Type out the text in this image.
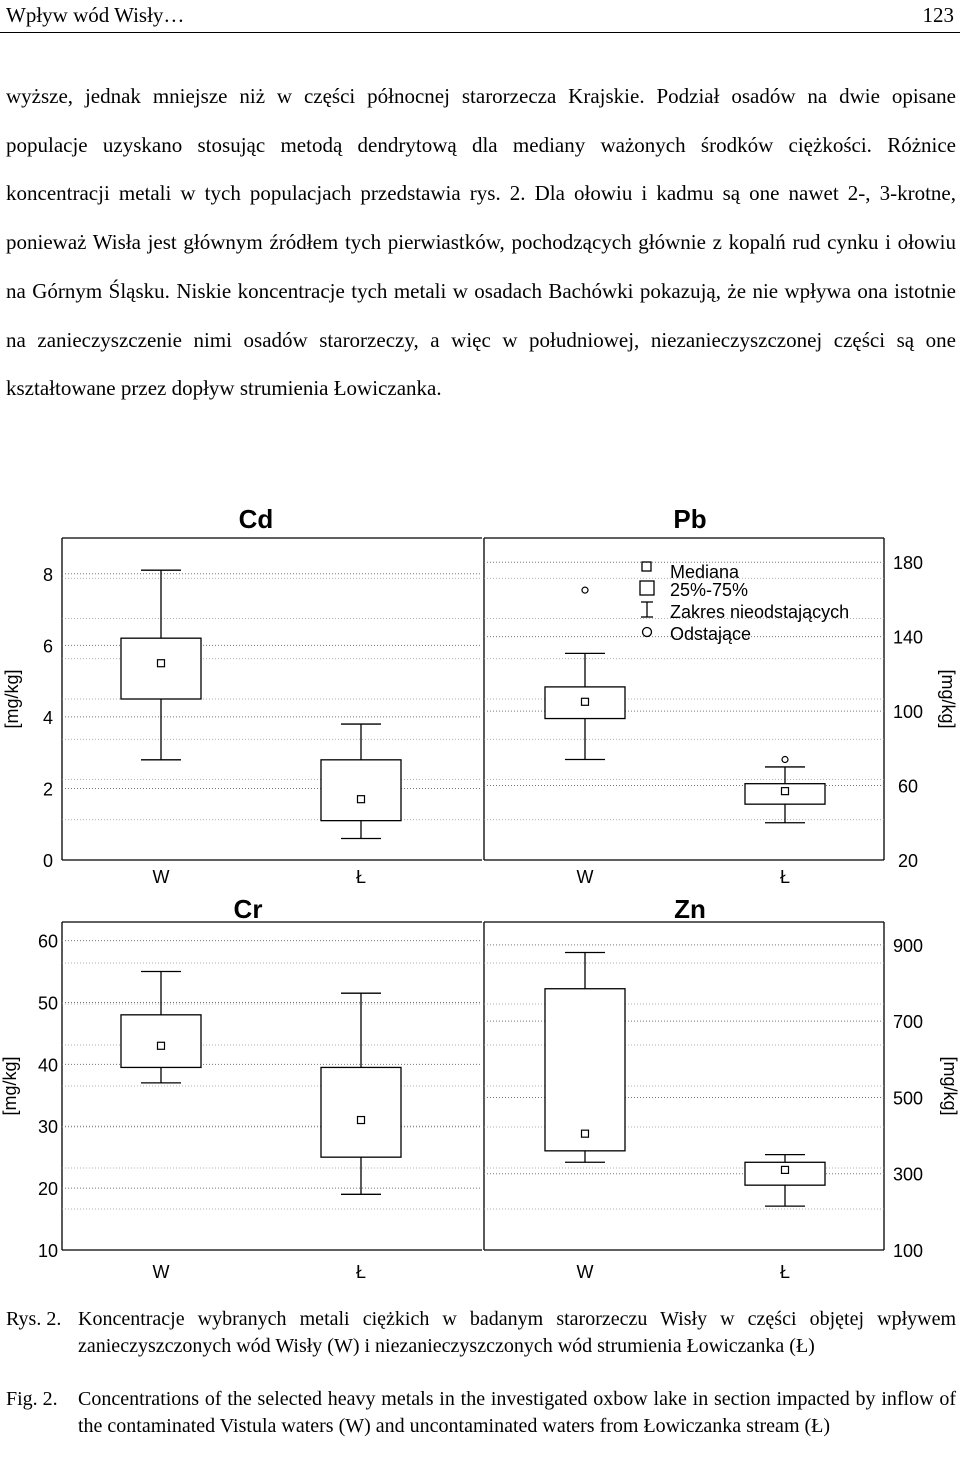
Wpływ wód Wisły…	123

wyższe, jednak mniejsze niż w części północnej starorzecza Krajskie. Podział osadów na dwie opisane populacje uzyskano stosując metodą dendrytową dla mediany ważonych środków ciężkości. Różnice koncentracji metali w tych populacjach przedstawia rys. 2. Dla ołowiu i kadmu są one nawet 2-, 3-krotne, ponieważ Wisła jest głównym źródłem tych pierwiastków, pochodzących głównie z kopalń rud cynku i ołowiu na Górnym Śląsku. Niskie koncentracje tych metali w osadach Bachówki pokazują, że nie wpływa ona istotnie na zanieczyszczenie nimi osadów starorzeczy, a więc w południowej, niezanieczyszczonej części są one kształtowane przez dopływ strumienia Łowiczanka.

0
2
4
6
8
Cd
[mg/kg]
W	Ł
20
60
100
140
180
Pb
[mg/kg]
W	Ł
10
20
30
40
50
60
Cr
[mg/kg]
W	Ł
100
300
500
700
900
Zn
[mg/kg]
W	Ł
Mediana
25%-75%
Zakres nieodstających
Odstające
Rys. 2. Koncentracje wybranych metali ciężkich w badanym starorzeczu Wisły w części objętej wpływem zanieczyszczonych wód Wisły (W) i niezanieczyszczonych wód strumienia Łowiczanka (Ł)
Fig. 2.	Concentrations of the selected heavy metals in the investigated oxbow lake in section impacted by inflow of the contaminated Vistula waters (W) and uncontaminated waters from Łowiczanka stream (Ł)
